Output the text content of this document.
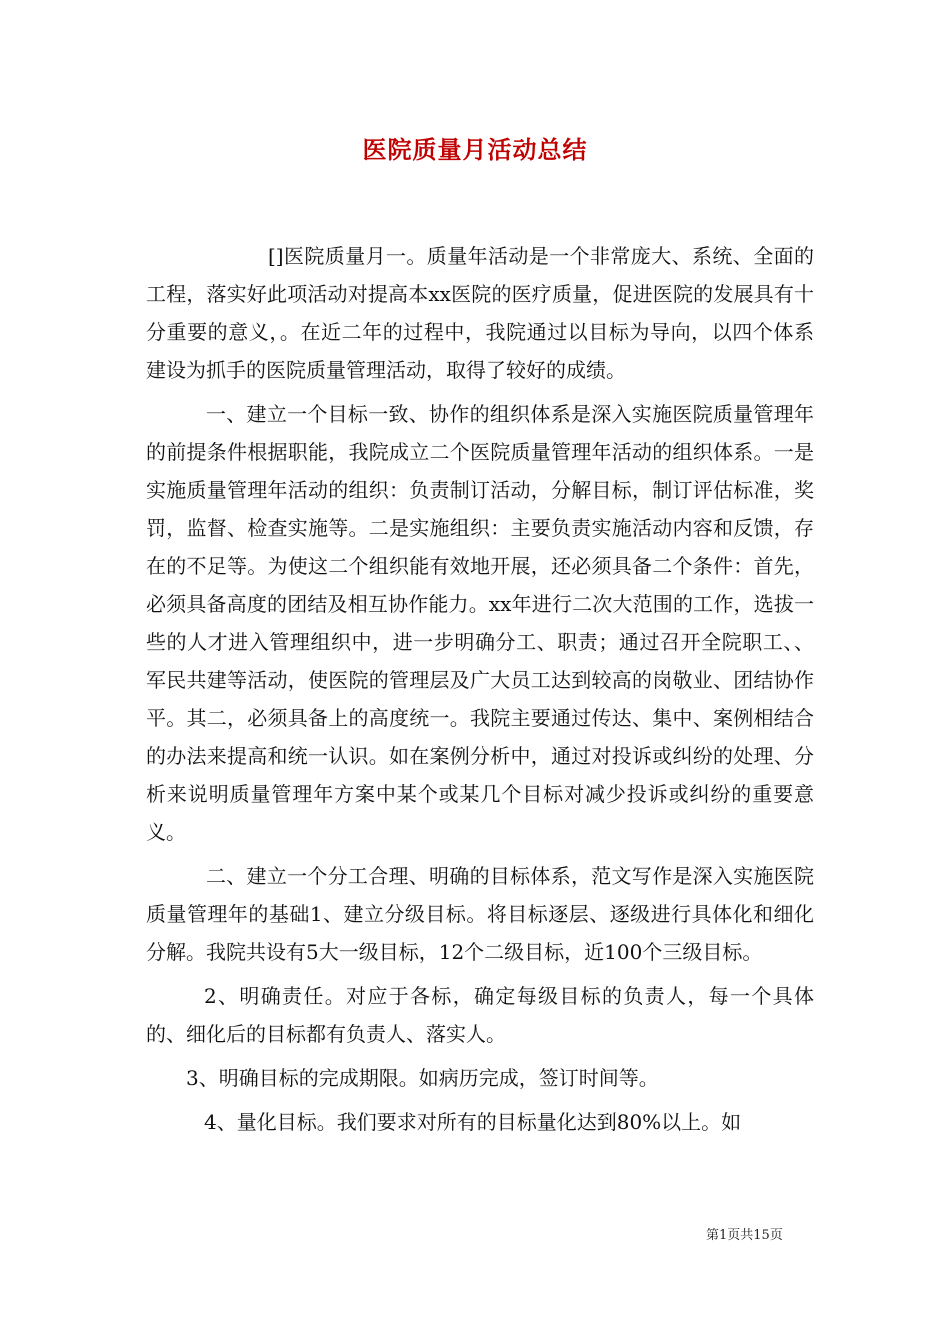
医院质量月活动总结

[]医院质量月一。质量年活动是一个非常庞大、系统、全面的工程，落实好此项活动对提高本xx医院的医疗质量，促进医院的发展具有十分重要的意义，。在近二年的过程中，我院通过以目标为导向，以四个体系建设为抓手的医院质量管理活动，取得了较好的成绩。

一、建立一个目标一致、协作的组织体系是深入实施医院质量管理年的前提条件根据职能，我院成立二个医院质量管理年活动的组织体系。一是实施质量管理年活动的组织：负责制订活动，分解目标，制订评估标准，奖罚，监督、检查实施等。二是实施组织：主要负责实施活动内容和反馈，存在的不足等。为使这二个组织能有效地开展，还必须具备二个条件：首先，必须具备高度的团结及相互协作能力。xx年进行二次大范围的工作，选拔一些的人才进入管理组织中，进一步明确分工、职责；通过召开全院职工、、军民共建等活动，使医院的管理层及广大员工达到较高的岗敬业、团结协作平。其二，必须具备上的高度统一。我院主要通过传达、集中、案例相结合的办法来提高和统一认识。如在案例分析中，通过对投诉或纠纷的处理、分析来说明质量管理年方案中某个或某几个目标对减少投诉或纠纷的重要意义。

二、建立一个分工合理、明确的目标体系，范文写作是深入实施医院质量管理年的基础1、建立分级目标。将目标逐层、逐级进行具体化和细化分解。我院共设有5大一级目标，12个二级目标，近100个三级目标。

2、明确责任。对应于各标，确定每级目标的负责人，每一个具体的、细化后的目标都有负责人、落实人。

3、明确目标的完成期限。如病历完成，签订时间等。

4、量化目标。我们要求对所有的目标量化达到80%以上。如

第1页共15页
